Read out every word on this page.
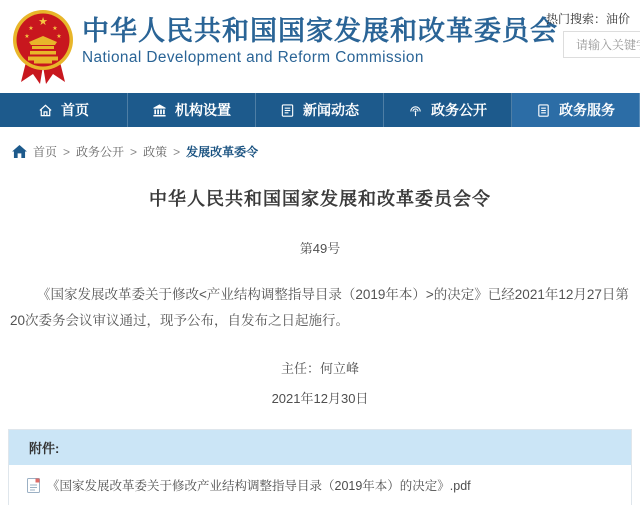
★
★	★
★	★ 中华人民共和国国家发展和改革委员会
National Development and Reform Commission
热门搜索：油价
请输入关键字
首页	机构设置	新闻动态	政务公开	政务服务
首页 > 政务公开 > 政策 > 发展改革委令
中华人民共和国国家发展和改革委员会令
第49号
《国家发展改革委关于修改<产业结构调整指导目录（2019年本）>的决定》已经2021年12月27日第20次委务会议审议通过，现予公布，自发布之日起施行。
主任：何立峰
2021年12月30日
附件:
《国家发展改革委关于修改产业结构调整指导目录（2019年本）的决定》.pdf
